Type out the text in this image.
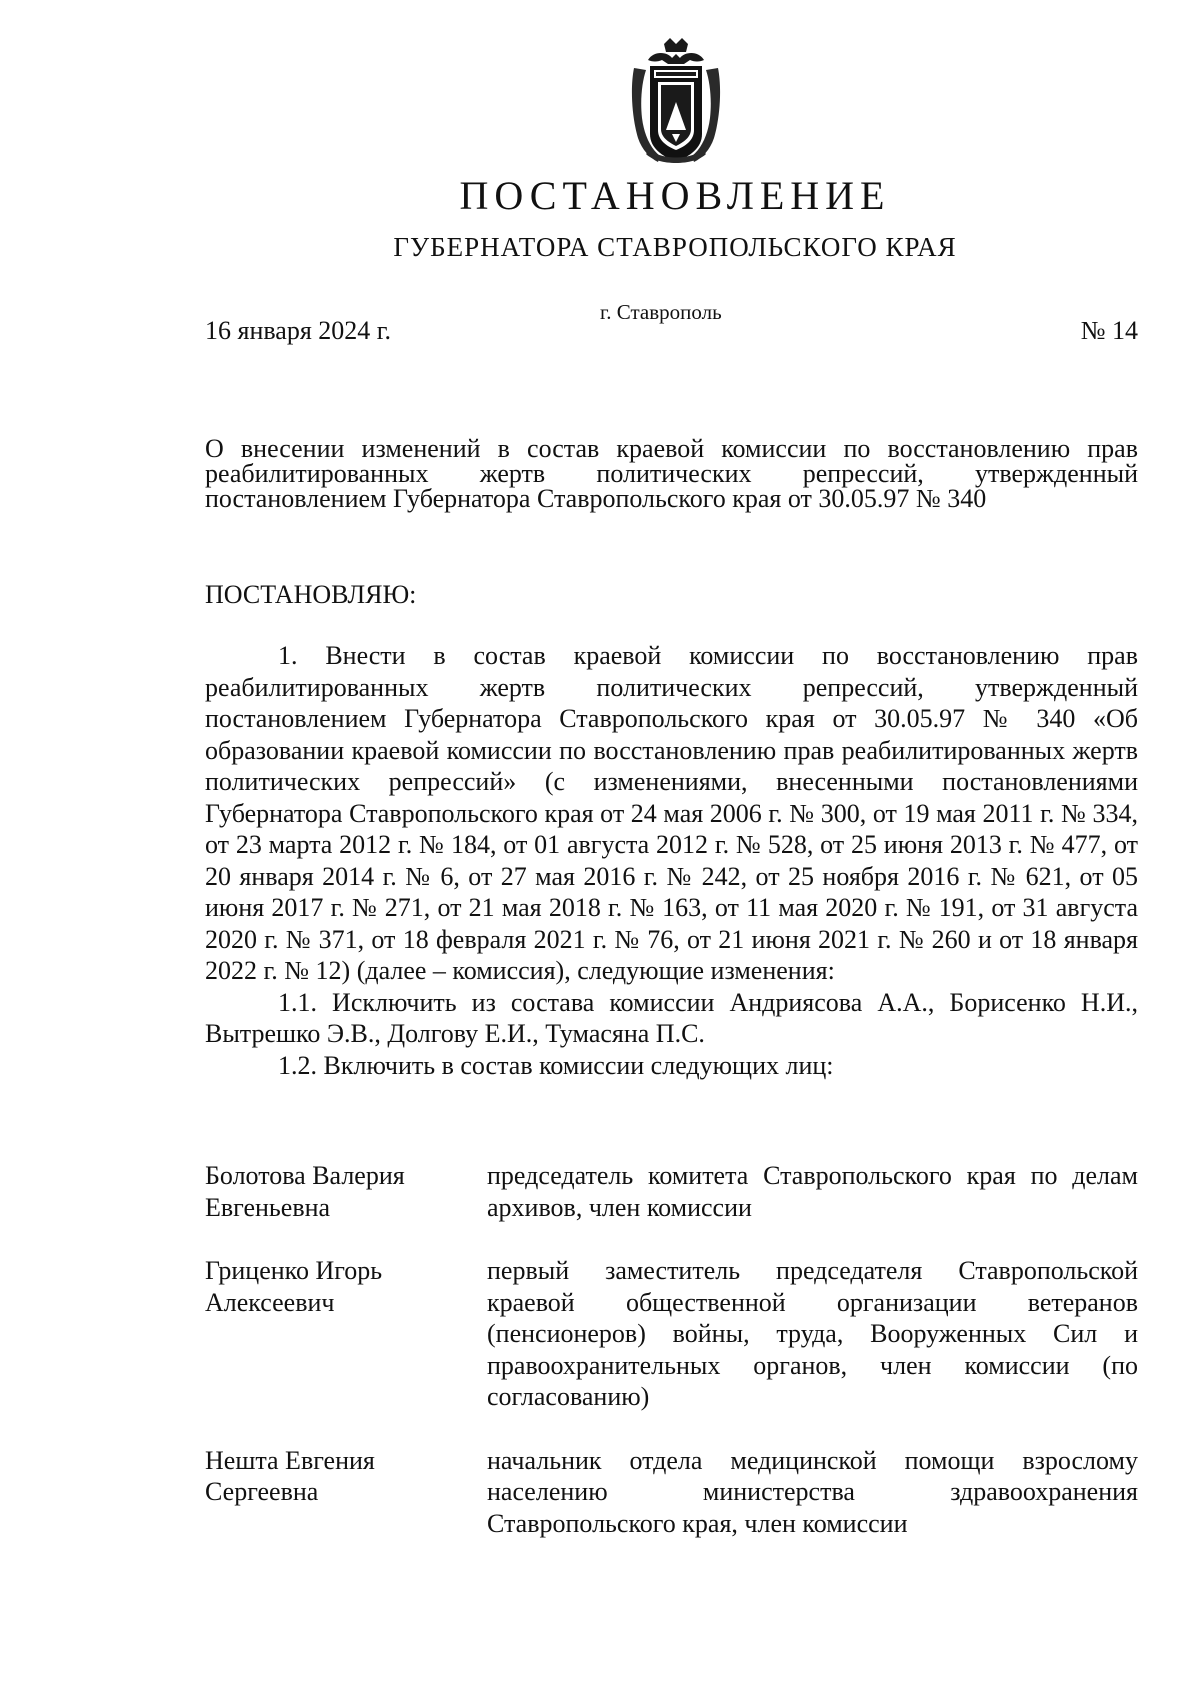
ПОСТАНОВЛЕНИЕ
ГУБЕРНАТОРА СТАВРОПОЛЬСКОГО КРАЯ
г. Ставрополь
16 января 2024 г.	№ 14
О внесении изменений в состав краевой комиссии по восстановлению прав реабилитированных жертв политических репрессий, утвержденный постановлением Губернатора Ставропольского края от 30.05.97 № 340
ПОСТАНОВЛЯЮ:

1. Внести в состав краевой комиссии по восстановлению прав реабилитированных жертв политических репрессий, утвержденный постановлением Губернатора Ставропольского края от 30.05.97 № 340 «Об образовании краевой комиссии по восстановлению прав реабилитированных жертв политических репрессий» (с изменениями, внесенными постановлениями Губернатора Ставропольского края от 24 мая 2006 г. № 300, от 19 мая 2011 г. № 334, от 23 марта 2012 г. № 184, от 01 августа 2012 г. № 528, от 25 июня 2013 г. № 477, от 20 января 2014 г. № 6, от 27 мая 2016 г. № 242, от 25 ноября 2016 г. № 621, от 05 июня 2017 г. № 271, от 21 мая 2018 г. № 163, от 11 мая 2020 г. № 191, от 31 августа 2020 г. № 371, от 18 февраля 2021 г. № 76, от 21 июня 2021 г. № 260 и от 18 января 2022 г. № 12) (далее – комиссия), следующие изменения:

1.1. Исключить из состава комиссии Андриясова А.А., Борисенко Н.И., Вытрешко Э.В., Долгову Е.И., Тумасяна П.С.

1.2. Включить в состав комиссии следующих лиц:

Болотова Валерия
Евгеньевна
председатель комитета Ставропольского края по делам архивов, член комиссии
Гриценко Игорь
Алексеевич
первый заместитель председателя Ставропольской краевой общественной организации ветеранов (пенсионеров) войны, труда, Вооруженных Сил и правоохранительных органов, член комиссии (по согласованию)
Нешта Евгения
Сергеевна
начальник отдела медицинской помощи взрослому населению министерства здравоохранения Ставропольского края, член комиссии
